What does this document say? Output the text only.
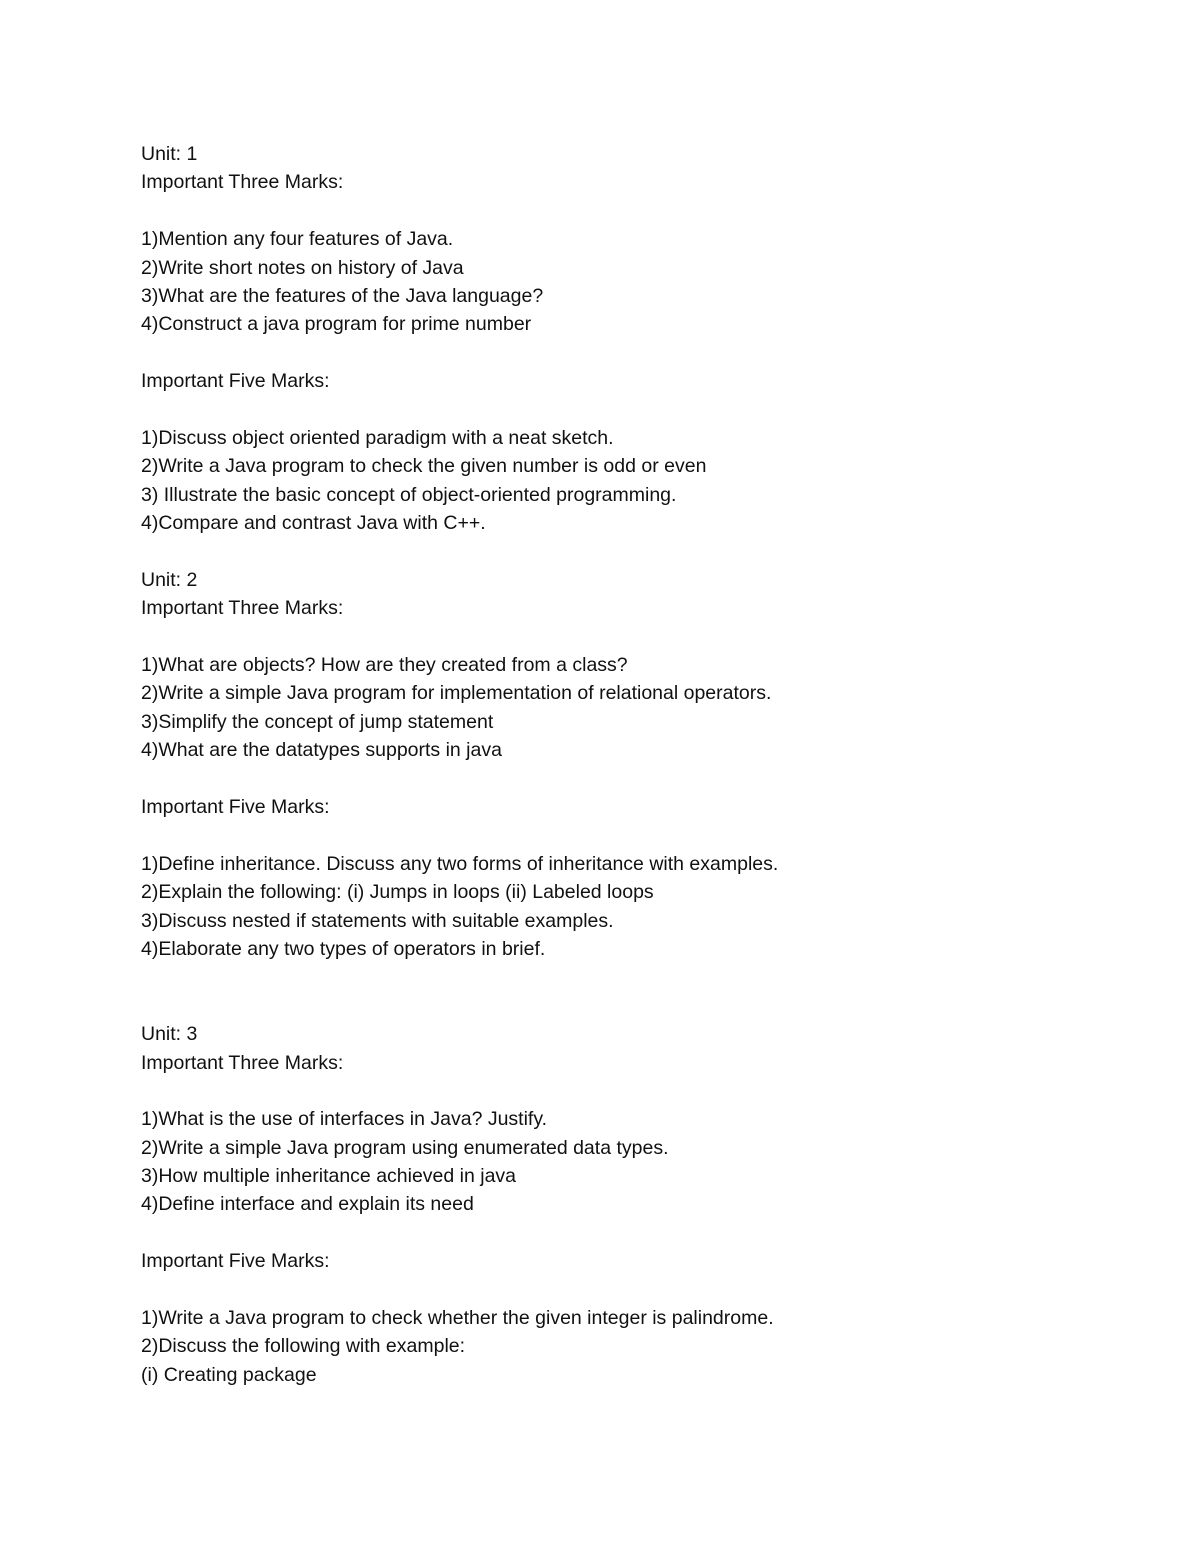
Unit: 1
Important Three Marks:
1)Mention any four features of Java.
2)Write short notes on history of Java
3)What are the features of the Java language?
4)Construct a java program for prime number
Important Five Marks:
1)Discuss object oriented paradigm with a neat sketch.
2)Write a Java program to check the given number is odd or even
3) Illustrate the basic concept of object-oriented programming.
4)Compare and contrast Java with C++.
Unit: 2
Important Three Marks:
1)What are objects? How are they created from a class?
2)Write a simple Java program for implementation of relational operators.
3)Simplify the concept of jump statement
4)What are the datatypes supports in java
Important Five Marks:
1)Define inheritance. Discuss any two forms of inheritance with examples.
2)Explain the following: (i) Jumps in loops (ii) Labeled loops
3)Discuss nested if statements with suitable examples.
4)Elaborate any two types of operators in brief.
Unit: 3
Important Three Marks:
1)What is the use of interfaces in Java? Justify.
2)Write a simple Java program using enumerated data types.
3)How multiple inheritance achieved in java
4)Define interface and explain its need
Important Five Marks:
1)Write a Java program to check whether the given integer is palindrome.
2)Discuss the following with example:
(i) Creating package
